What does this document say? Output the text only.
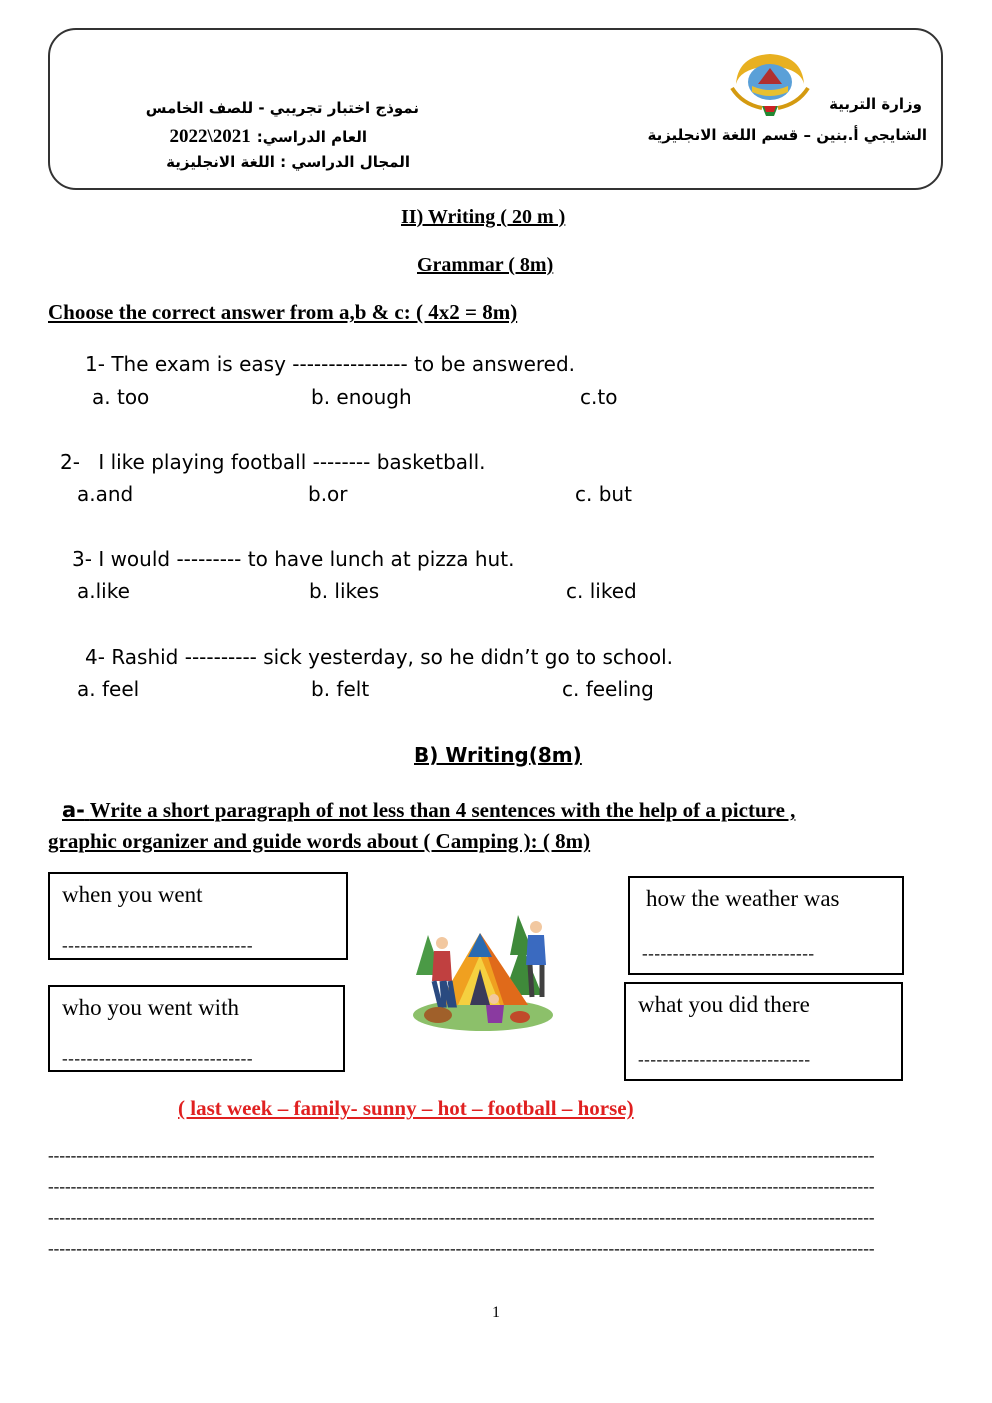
وزارة التربية
الشايجي أ.بنين – قسم اللغة الانجليزية
نموذج اختبار تجريبي - للصف الخامس
العام الدراسي:
2022\2021
المجال الدراسي : اللغة الانجليزية
II) Writing ( 20 m )
Grammar ( 8m)
Choose the correct answer from a,b & c: ( 4x2 = 8m)
1- The exam is easy ---------------- to be answered.
a. too	b. enough	c.to
2- I like playing football -------- basketball.
a.and	b.or	c. but
3- I would --------- to have lunch at pizza hut.
a.like	b. likes	c. liked
4- Rashid ---------- sick yesterday, so he didn’t go to school.
a. feel	b. felt	c. feeling
B) Writing(8m)
a- Write a short paragraph of not less than 4 sentences with the help of a picture ,
graphic organizer and guide words about ( Camping ): ( 8m)
when you went
-------------------------------
who you went with
-------------------------------
how the weather was
----------------------------
what you did there
----------------------------
( last week – family- sunny – hot – football – horse)
--------------------------------------------------------------------------------------------------------------------------------------------------
--------------------------------------------------------------------------------------------------------------------------------------------------
--------------------------------------------------------------------------------------------------------------------------------------------------
--------------------------------------------------------------------------------------------------------------------------------------------------
1
